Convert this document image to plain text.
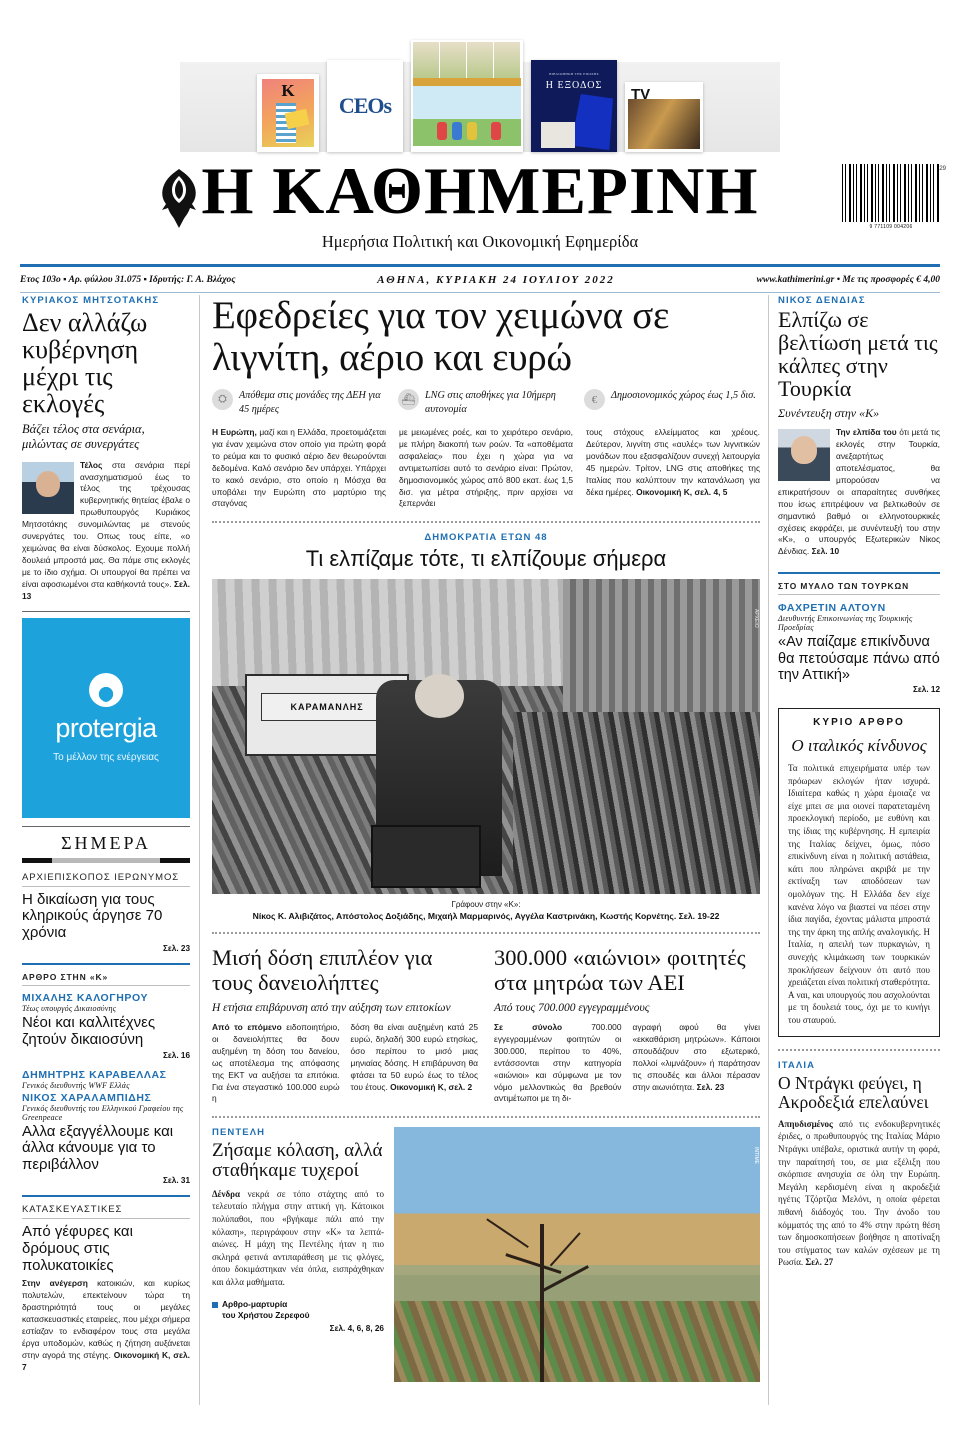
K
CEOs
ΒΙΒΛΙΟΘΗΚΗ ΤΗΣ ΕΠΟΧΗΣ
Η ΕΞΟΔΟΣ
TV
Η ΚΑΘΗΜΕΡΙΝΗ	29
9 771109 004206
Ημερήσια Πολιτική και Οικονομική Εφημερίδα
Ετος 103ο ▪ Αρ. φύλλου 31.075 ▪ Ιδρυτής: Γ. Α. Βλάχος	ΑΘΗΝΑ, ΚΥΡΙΑΚΗ 24 ΙΟΥΛΙΟΥ 2022	www.kathimerini.gr • Με τις προσφορές € 4,00
ΚΥΡΙΑΚΟΣ ΜΗΤΣΟΤΑΚΗΣ
Δεν αλλάζω κυβέρνηση μέχρι τις εκλογές
Βάζει τέλος στα σενάρια, μιλώντας σε συνεργάτες
Τέλος στα σενάρια περί ανασχηματισμού έως το τέλος της τρέχουσας κυβερνητικής θητείας έβαλε ο πρωθυπουργός Κυριάκος Μητσοτάκης συνομιλώντας με στενούς συνεργάτες του. Οπως τους είπε, «ο χειμώνας θα είναι δύσκολος. Εχουμε πολλή δουλειά μπροστά μας. Θα πάμε στις εκλογές με το ίδιο σχήμα. Οι υπουργοί θα πρέπει να είναι αφοσιωμένοι στα καθήκοντά τους». Σελ. 13
protergia
Το μέλλον της ενέργειας
ΣΗΜΕΡΑ
ΑΡΧΙΕΠΙΣΚΟΠΟΣ ΙΕΡΩΝΥΜΟΣ
Η δικαίωση για τους κληρικούς άργησε 70 χρόνια
Σελ. 23
ΑΡΘΡΟ ΣΤΗΝ «Κ»
ΜΙΧΑΛΗΣ ΚΑΛΟΓΗΡΟΥ
Τέως υπουργός Δικαιοσύνης
Νέοι και καλλιτέχνες ζητούν δικαιοσύνη
Σελ. 16
ΔΗΜΗΤΡΗΣ ΚΑΡΑΒΕΛΛΑΣ
Γενικός διευθυντής WWF Ελλάς
ΝΙΚΟΣ ΧΑΡΑΛΑΜΠΙΔΗΣ
Γενικός διευθυντής του Ελληνικού Γραφείου της Greenpeace
Αλλα εξαγγέλλουμε και άλλα κάνουμε για το περιβάλλον
Σελ. 31
ΚΑΤΑΣΚΕΥΑΣΤΙΚΕΣ
Από γέφυρες και δρόμους στις πολυκατοικίες
Στην ανέγερση κατοικιών, και κυρίως πολυτελών, επεκτείνουν τώρα τη δραστηριότητά τους οι μεγάλες κατασκευαστικές εταιρείες, που μέχρι σήμερα εστίαζαν το ενδιαφέρον τους στα μεγάλα έργα υποδομών, καθώς η ζήτηση αυξάνεται στην αγορά της στέγης. Οικονομική Κ, σελ. 7
Εφεδρείες για τον χειμώνα σε λιγνίτη, αέριο και ευρώ
⛭	Απόθεμα στις μονάδες της ΔΕΗ για 45 ημέρες
⛴ LNG στις αποθήκες για 10ήμερη αυτονομία
€	Δημοσιονομικός χώρος έως 1,5 δισ.
Η Ευρώπη, μαζί και η Ελλάδα, προετοιμάζεται για έναν χειμώνα στον οποίο για πρώτη φορά το ρεύμα και το φυσικό αέριο δεν θεωρούνται δεδομένα. Καλό σενάριο δεν υπάρχει. Υπάρχει το κακό σενάριο, στο οποίο η Μόσχα θα υποβάλει την Ευρώπη στο μαρτύριο της σταγόνας
με μειωμένες ροές, και το χειρότερο σενάριο, με πλήρη διακοπή των ροών. Τα «αποθέματα ασφαλείας» που έχει η χώρα για να αντιμετωπίσει αυτό το σενάριο είναι: Πρώτον, δημοσιονομικός χώρος από 800 εκατ. έως 1,5 δισ. για μέτρα στήριξης, πριν αρχίσει να ξεπερνάει
τους στόχους ελλείμματος και χρέους. Δεύτερον, λιγνίτη στις «αυλές» των λιγνιτικών μονάδων που εξασφαλίζουν συνεχή λειτουργία 45 ημερών. Τρίτον, LNG στις αποθήκες της Ιταλίας που καλύπτουν την κατανάλωση για δέκα ημέρες. Οικονομική Κ, σελ. 4, 5
ΔΗΜΟΚΡΑΤΙΑ ΕΤΩΝ 48
Τι ελπίζαμε τότε, τι ελπίζουμε σήμερα
ΚΑΡΑΜΑΝΛΗΣ
ΑΡΧΕΙΟ
Γράφουν στην «Κ»:
Νίκος Κ. Αλιβιζάτος, Απόστολος Δοξιάδης, Μιχαήλ Μαρμαρινός, Αγγέλα Καστρινάκη, Κωστής Κορνέτης. Σελ. 19-22
Μισή δόση επιπλέον για τους δανειολήπτες
Η ετήσια επιβάρυνση από την αύξηση των επιτοκίων
Από το επόμενο ειδοποιητήριο, οι δανειολήπτες θα δουν αυξημένη τη δόση του δανείου, ως αποτέλεσμα της απόφασης της ΕΚΤ να αυξήσει τα επιτόκια. Για ένα στεγαστικό 100.000 ευρώ η
δόση θα είναι αυξημένη κατά 25 ευρώ, δηλαδή 300 ευρώ ετησίως, όσο περίπου το μισό μιας μηνιαίας δόσης. Η επιβάρυνση θα φτάσει τα 50 ευρώ έως το τέλος του έτους. Οικονομική Κ, σελ. 2
300.000 «αιώνιοι» φοιτητές στα μητρώα των ΑΕΙ
Από τους 700.000 εγγεγραμμένους
Σε σύνολο	700.000 εγγεγραμμένων φοιτητών οι 300.000, περίπου το 40%, εντάσσονται στην κατηγορία «αιώνιοι» και σύμφωνα με τον νόμο μελλοντικώς θα βρεθούν αντιμέτωποι με τη δι-
αγραφή αφού θα γίνει «εκκαθάριση μητρώων». Κάποιοι σπουδάζουν στο εξωτερικό, πολλοί «λιμνάζουν» ή παράτησαν τις σπουδές και άλλοι πέρασαν στην αιωνιότητα. Σελ. 23
ΠΕΝΤΕΛΗ
Ζήσαμε κόλαση, αλλά σταθήκαμε τυχεροί
Δένδρα νεκρά σε τόπο στάχτης από το τελευταίο πλήγμα στην αττική γη. Κάτοικοι πολύπαθοι, που «βγήκαμε πάλι από την κόλαση», περιγράφουν στην «Κ» τα λεπτά-αιώνες. Η μάχη της Πεντέλης ήταν η πιο σκληρά φετινά αντιπαράθεση με τις φλόγες, όπου δοκιμάστηκαν νέα όπλα, εισπράχθηκαν και άλλα μαθήματα.
Αρθρο-μαρτυρία
του Χρήστου Ζερεφού
Σελ. 4, 6, 8, 26
INTIME
ΝΙΚΟΣ ΔΕΝΔΙΑΣ
Ελπίζω σε βελτίωση μετά τις κάλπες στην Τουρκία
Συνέντευξη στην «Κ»
Την ελπίδα του ότι μετά τις εκλογές στην Τουρκία, ανεξαρτήτως αποτελέσματος, θα μπορούσαν να επικρατήσουν οι απαραίτητες συνθήκες που ίσως επιτρέψουν να βελτιωθούν σε σημαντικό βαθμό οι ελληνοτουρκικές σχέσεις εκφράζει, με συνέντευξή του στην «Κ», ο υπουργός Εξωτερικών Νίκος Δένδιας. Σελ. 10
ΣΤΟ ΜΥΑΛΟ ΤΩΝ ΤΟΥΡΚΩΝ
ΦΑΧΡΕΤΙΝ ΑΛΤΟΥΝ
Διευθυντής Επικοινωνίας της Τουρκικής Προεδρίας
«Αν παίζαμε επικίνδυνα θα πετούσαμε πάνω από την Αττική»
Σελ. 12
ΚΥΡΙΟ ΑΡΘΡΟ
Ο ιταλικός κίνδυνος
Τα πολιτικά επιχειρήματα υπέρ των πρόωρων εκλογών ήταν ισχυρά. Ιδιαίτερα καθώς η χώρα έμοιαζε να είχε μπει σε μια οιονεί παρατεταμένη προεκλογική περίοδο, με ευθύνη και της ίδιας της κυβέρνησης. Η εμπειρία της Ιταλίας δείχνει, όμως, πόσο επικίνδυνη είναι η πολιτική αστάθεια, κάτι που πληρώνει ακριβά με την εκτίναξη των αποδόσεων των ομολόγων της. Η Ελλάδα δεν είχε κανένα λόγο να βιαστεί να πέσει στην ίδια παγίδα, έχοντας μάλιστα μπροστά της την άρκη της απλής αναλογικής. Η Ιταλία, η απειλή των πυρκαγιών, η συνεχής κλιμάκωση των τουρκικών προκλήσεων δείχνουν ότι αυτό που χρειάζεται είναι πολιτική σταθερότητα. Α ναι, και υπουργούς που ασχολούνται με τη δουλειά τους, όχι με το κυνήγι του σταυρού.
ΙΤΑΛΙΑ
Ο Ντράγκι φεύγει, η Ακροδεξιά επελαύνει
Απηυδισμένος από τις ενδοκυβερνητικές έριδες, ο πρωθυπουργός της Ιταλίας Μάριο Ντράγκι υπέβαλε, οριστικά αυτήν τη φορά, την παραίτησή του, σε μια εξέλιξη που σκόρπισε ανησυχία σε όλη την Ευρώπη. Μεγάλη κερδισμένη είναι η ακροδεξιά ηγέτις Τζόρτζια Μελόνι, η οποία φέρεται πιθανή διάδοχός του. Την άνοδο του κόμματός της από το 4% στην πρώτη θέση των δημοσκοπήσεων βοήθησε η αποτίναξη του στίγματος των καλών σχέσεων με τη Ρωσία. Σελ. 27
